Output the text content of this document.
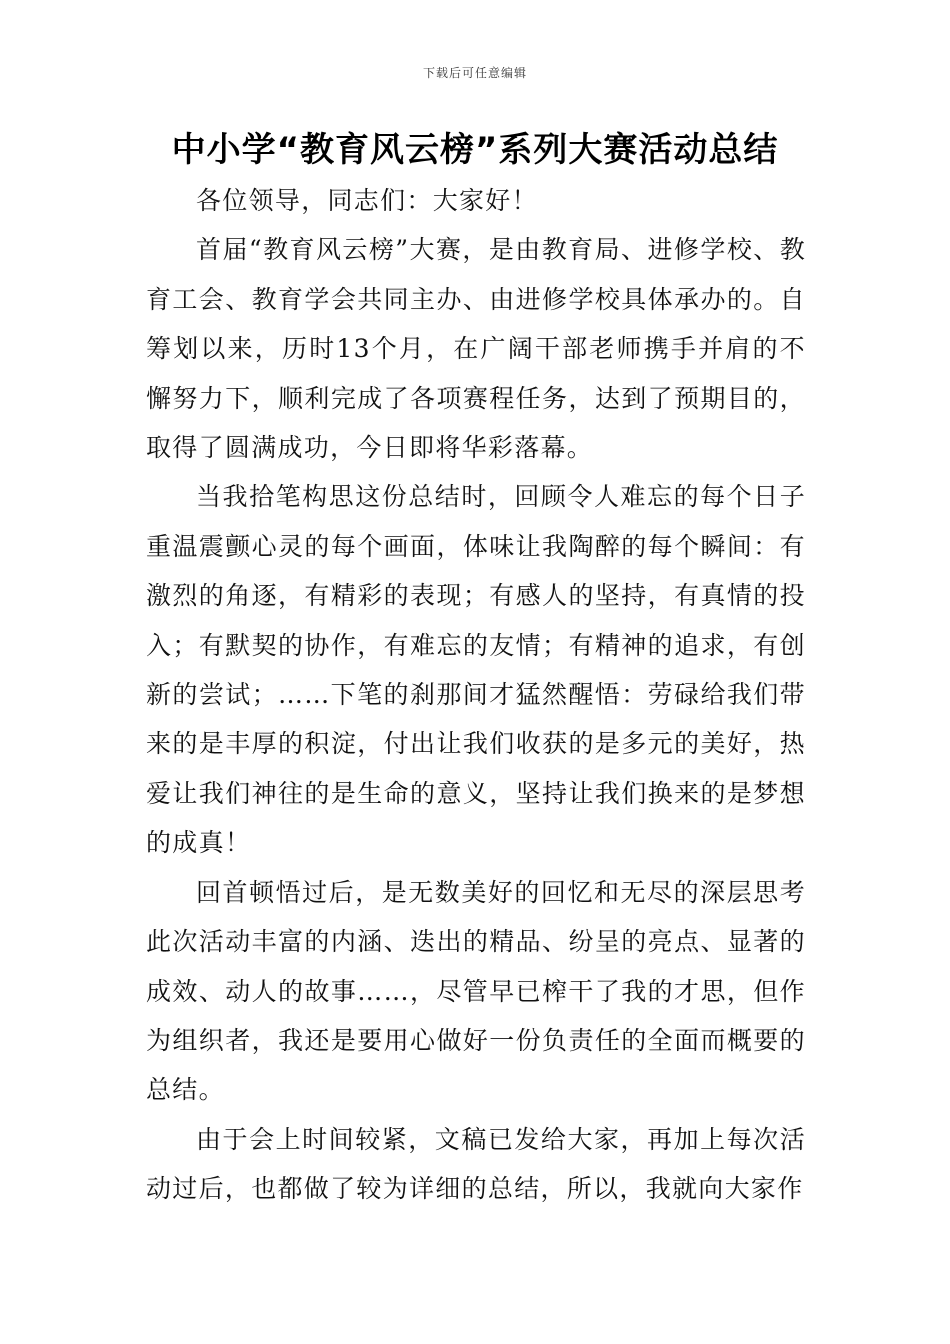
下载后可任意编辑
中小学“教育风云榜”系列大赛活动总结

各位领导，同志们：大家好！

首届“教育风云榜”大赛，是由教育局、进修学校、教育工会、教育学会共同主办、由进修学校具体承办的。自筹划以来，历时13个月，在广阔干部老师携手并肩的不懈努力下，顺利完成了各项赛程任务，达到了预期目的，取得了圆满成功，今日即将华彩落幕。

当我拾笔构思这份总结时，回顾令人难忘的每个日子重温震颤心灵的每个画面，体味让我陶醉的每个瞬间：有激烈的角逐，有精彩的表现；有感人的坚持，有真情的投入；有默契的协作，有难忘的友情；有精神的追求，有创新的尝试；……下笔的刹那间才猛然醒悟：劳碌给我们带来的是丰厚的积淀，付出让我们收获的是多元的美好，热爱让我们神往的是生命的意义，坚持让我们换来的是梦想的成真！

回首顿悟过后，是无数美好的回忆和无尽的深层思考此次活动丰富的内涵、迭出的精品、纷呈的亮点、显著的成效、动人的故事……，尽管早已榨干了我的才思，但作为组织者，我还是要用心做好一份负责任的全面而概要的总结。

由于会上时间较紧，文稿已发给大家，再加上每次活动过后，也都做了较为详细的总结，所以，我就向大家作
